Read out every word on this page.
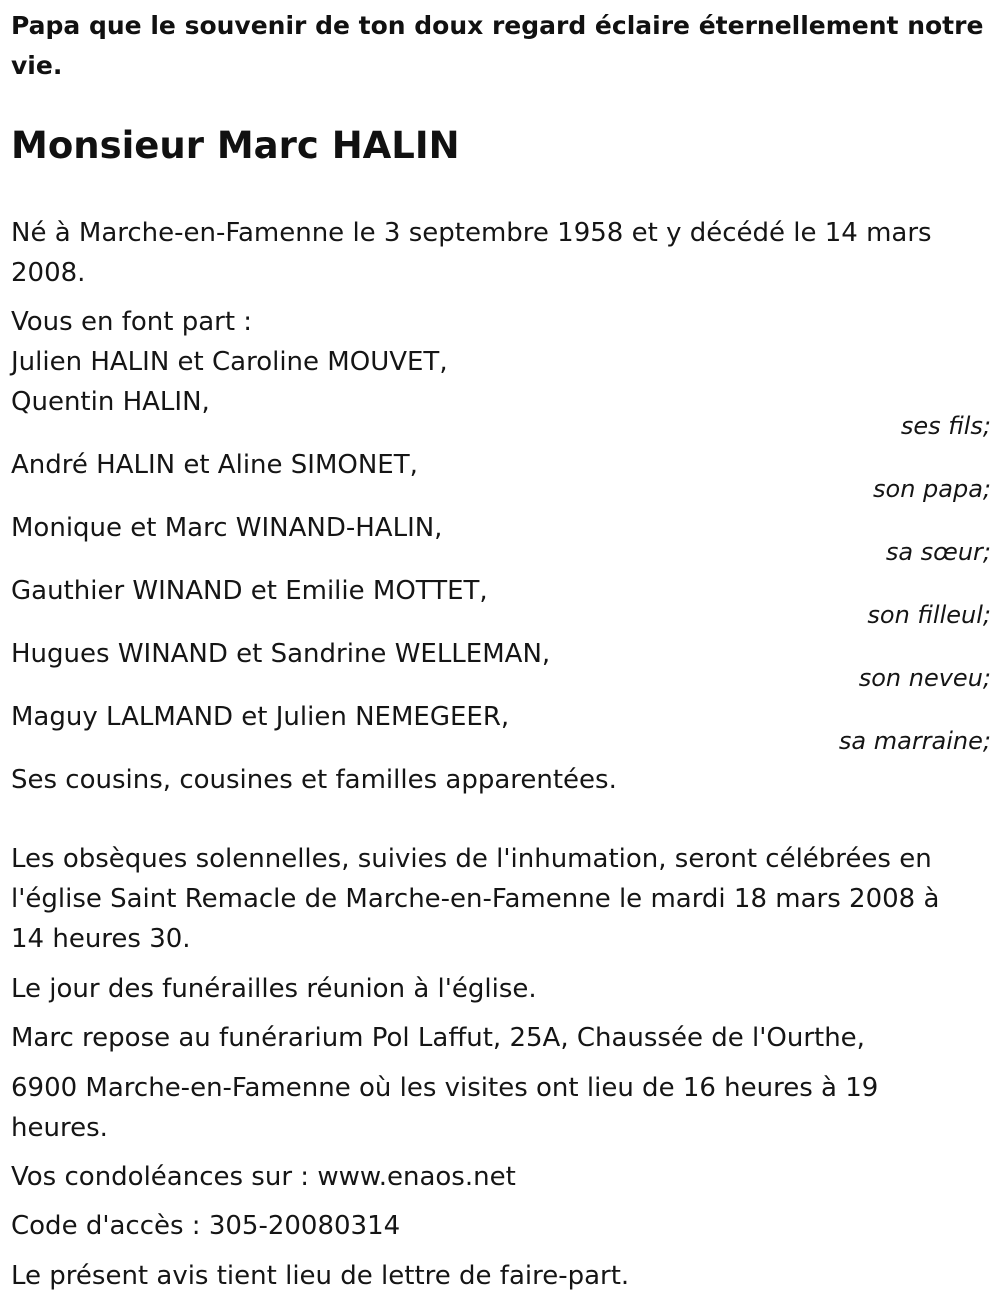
Papa que le souvenir de ton doux regard éclaire éternellement notre vie.
Monsieur Marc HALIN
Né à Marche-en-Famenne le 3 septembre 1958 et y décédé le 14 mars
2008.
Vous en font part :
Julien HALIN et Caroline MOUVET,
Quentin HALIN,
ses fils;
André HALIN et Aline SIMONET,
son papa;
Monique et Marc WINAND-HALIN,
sa sœur;
Gauthier WINAND et Emilie MOTTET,
son filleul;
Hugues WINAND et Sandrine WELLEMAN,
son neveu;
Maguy LALMAND et Julien NEMEGEER,
sa marraine;
Ses cousins, cousines et familles apparentées.
Les obsèques solennelles, suivies de l'inhumation, seront célébrées en
l'église Saint Remacle de Marche-en-Famenne le mardi 18 mars 2008 à
14 heures 30.
Le jour des funérailles réunion à l'église.
Marc repose au funérarium Pol Laffut, 25A, Chaussée de l'Ourthe,
6900 Marche-en-Famenne où les visites ont lieu de 16 heures à 19
heures.
Vos condoléances sur : www.enaos.net
Code d'accès : 305-20080314
Le présent avis tient lieu de lettre de faire-part.
